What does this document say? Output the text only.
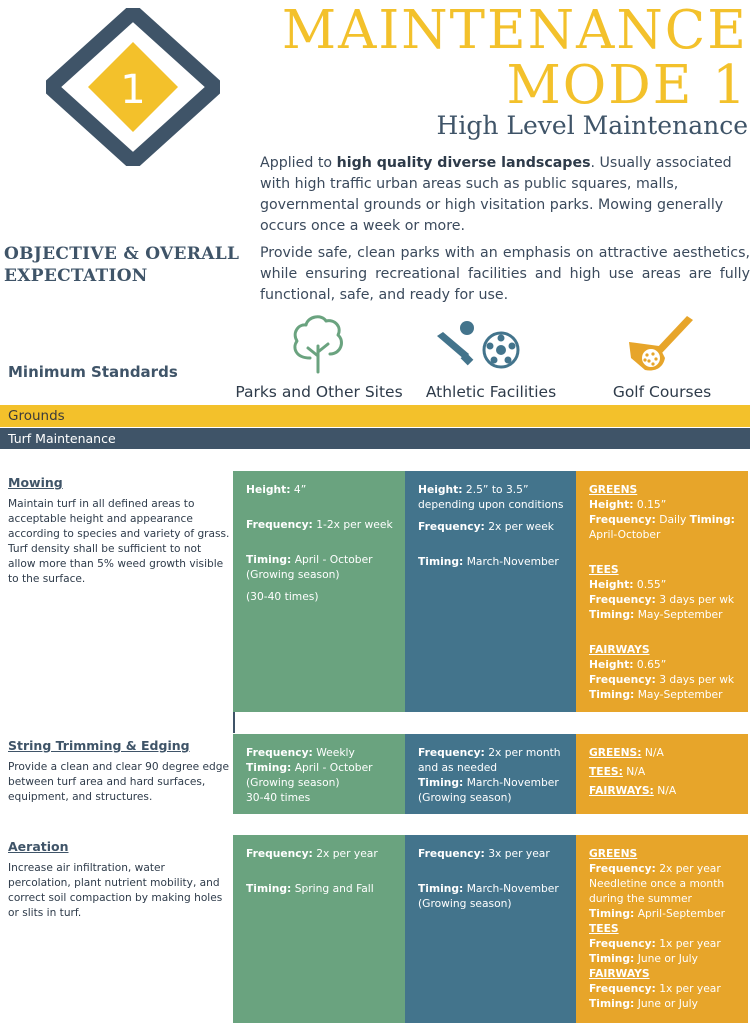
1
MAINTENANCE
MODE 1
High Level Maintenance
Applied to high quality diverse landscapes. Usually associated with high traffic urban areas such as public squares, malls, governmental grounds or high visitation parks. Mowing generally occurs once a week or more.
OBJECTIVE & OVERALL EXPECTATION
Provide safe, clean parks with an emphasis on attractive aesthetics, while ensuring recreational facilities and high use areas are fully functional, safe, and ready for use.
Minimum Standards
Parks and Other Sites	Athletic Facilities	Golf Courses
Grounds
Turf Maintenance
Mowing
Maintain turf in all defined areas to acceptable height and appearance according to species and variety of grass. Turf density shall be sufficient to not allow more than 5% weed growth visible to the surface.

Height: 4”

Frequency: 1-2x per week

Timing: April - October (Growing season)

(30-40 times)

Height: 2.5” to 3.5” depending upon conditions

Frequency: 2x per week

Timing: March-November

GREENS

Height: 0.15”

Frequency: Daily Timing: April-October

TEES

Height: 0.55”

Frequency: 3 days per wk

Timing: May-September

FAIRWAYS

Height: 0.65”

Frequency: 3 days per wk

Timing: May-September

String Trimming & Edging
Provide a clean and clear 90 degree edge between turf area and hard surfaces, equipment, and structures.

Frequency: Weekly

Timing: April - October (Growing season)

30-40 times

Frequency: 2x per month and as needed

Timing: March-November (Growing season)

GREENS: N/A

TEES: N/A

FAIRWAYS: N/A

Aeration
Increase air infiltration, water percolation, plant nutrient mobility, and correct soil compaction by making holes or slits in turf.

Frequency: 2x per year

Timing: Spring and Fall

Frequency: 3x per year

Timing: March-November (Growing season)

GREENS

Frequency: 2x per year Needletine once a month during the summer

Timing: April-September

TEES

Frequency: 1x per year

Timing: June or July

FAIRWAYS

Frequency: 1x per year

Timing: June or July
